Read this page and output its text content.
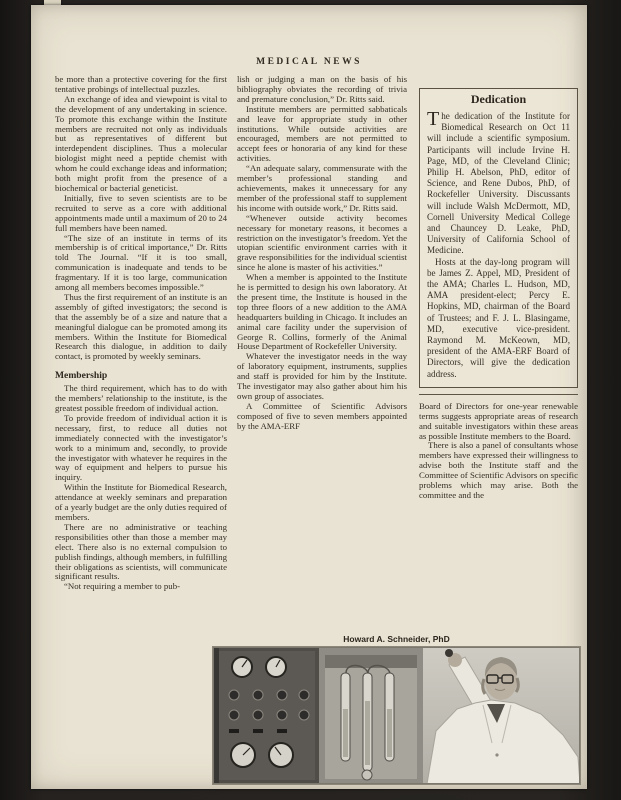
MEDICAL NEWS

be more than a protective covering for the first tentative probings of intellectual puzzles.

An exchange of idea and viewpoint is vital to the development of any undertaking in science. To promote this exchange within the Institute members are recruited not only as individuals but as representatives of different but interdependent disciplines. Thus a molecular biologist might need a peptide chemist with whom he could exchange ideas and information; both might profit from the presence of a biochemical or bacterial geneticist.

Initially, five to seven scientists are to be recruited to serve as a core with additional appointments made until a maximum of 20 to 24 full members have been named.

“The size of an institute in terms of its membership is of critical importance,” Dr. Ritts told The Journal. “If it is too small, communication is inadequate and tends to be fragmentary. If it is too large, communication among all members becomes impossible.”

Thus the first requirement of an institute is an assembly of gifted investigators; the second is that the assembly be of a size and nature that a meaningful dialogue can be promoted among its members. Within the Institute for Biomedical Research this dialogue, in addition to daily contact, is promoted by weekly seminars.

Membership

The third requirement, which has to do with the members’ relationship to the institute, is the greatest possible freedom of individual action.

To provide freedom of individual action it is necessary, first, to reduce all duties not immediately connected with the investigator’s work to a minimum and, secondly, to provide the investigator with whatever he requires in the way of equipment and helpers to pursue his inquiry.

Within the Institute for Biomedical Research, attendance at weekly seminars and preparation of a yearly budget are the only duties required of members.

There are no administrative or teaching responsibilities other than those a member may elect. There also is no external compulsion to publish findings, although members, in fulfilling their obligations as scientists, will communicate significant results.

“Not requiring a member to pub-

lish or judging a man on the basis of his bibliography obviates the recording of trivia and premature conclusion,” Dr. Ritts said.

Institute members are permitted sabbaticals and leave for appropriate study in other institutions. While outside activities are encouraged, members are not permitted to accept fees or honoraria of any kind for these activities.

“An adequate salary, commensurate with the member’s professional standing and achievements, makes it unnecessary for any member of the professional staff to supplement his income with outside work,” Dr. Ritts said.

“Whenever outside activity becomes necessary for monetary reasons, it becomes a restriction on the investigator’s freedom. Yet the utopian scientific environment carries with it grave responsibilities for the individual scientist since he alone is master of his activities.”

When a member is appointed to the Institute he is permitted to design his own laboratory. At the present time, the Institute is housed in the top three floors of a new addition to the AMA headquarters building in Chicago. It includes an animal care facility under the supervision of George R. Collins, formerly of the Animal House Department of Rockefeller University.

Whatever the investigator needs in the way of laboratory equipment, instruments, supplies and staff is provided for him by the Institute. The investigator may also gather about him his own group of associates.

A Committee of Scientific Advisors composed of five to seven members appointed by the AMA-ERF

Dedication

The dedication of the Institute for Biomedical Research on Oct 11 will include a scientific symposium. Participants will include Irvine H. Page, MD, of the Cleveland Clinic; Philip H. Abelson, PhD, editor of Science, and Rene Dubos, PhD, of Rockefeller University. Discussants will include Walsh McDermott, MD, Cornell University Medical College and Chauncey D. Leake, PhD, University of California School of Medicine.

Hosts at the day-long program will be James Z. Appel, MD, President of the AMA; Charles L. Hudson, MD, AMA president-elect; Percy E. Hopkins, MD, chairman of the Board of Trustees; and F. J. L. Blasingame, MD, executive vice-president. Raymond M. McKeown, MD, president of the AMA-ERF Board of Directors, will give the dedication address.

Board of Directors for one-year renewable terms suggests appropriate areas of research and suitable investigators within these areas as possible Institute members to the Board.

There is also a panel of consultants whose members have expressed their willingness to advise both the Institute staff and the Committee of Scientific Advisors on specific problems which may arise. Both the committee and the

Howard A. Schneider, PhD
